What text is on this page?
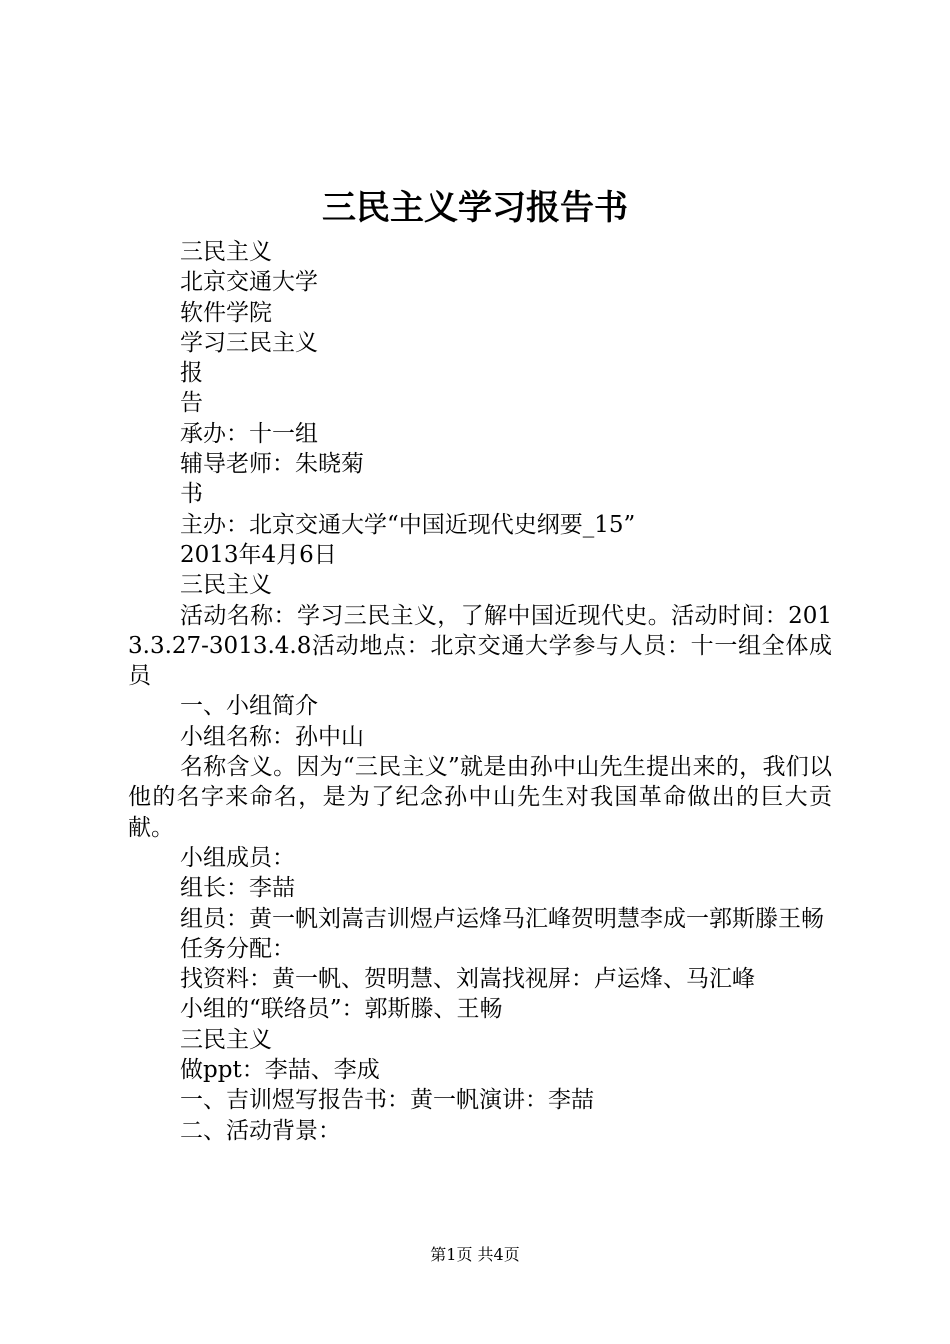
三民主义学习报告书

三民主义

北京交通大学

软件学院

学习三民主义

报

告

承办：十一组

辅导老师：朱晓菊

书

主办：北京交通大学“中国近现代史纲要_15”

2013年4月6日

三民主义

活动名称：学习三民主义，了解中国近现代史。活动时间：2013.3.27-3013.4.8活动地点：北京交通大学参与人员：十一组全体成员

一、小组简介

小组名称：孙中山

名称含义。因为“三民主义”就是由孙中山先生提出来的，我们以他的名字来命名，是为了纪念孙中山先生对我国革命做出的巨大贡献。

小组成员：

组长：李喆

组员：黄一帆刘嵩吉训煜卢运烽马汇峰贺明慧李成一郭斯滕王畅

任务分配：

找资料：黄一帆、贺明慧、刘嵩找视屏：卢运烽、马汇峰

小组的“联络员”：郭斯滕、王畅

三民主义

做ppt：李喆、李成

一、吉训煜写报告书：黄一帆演讲：李喆

二、活动背景：

第1页 共4页
